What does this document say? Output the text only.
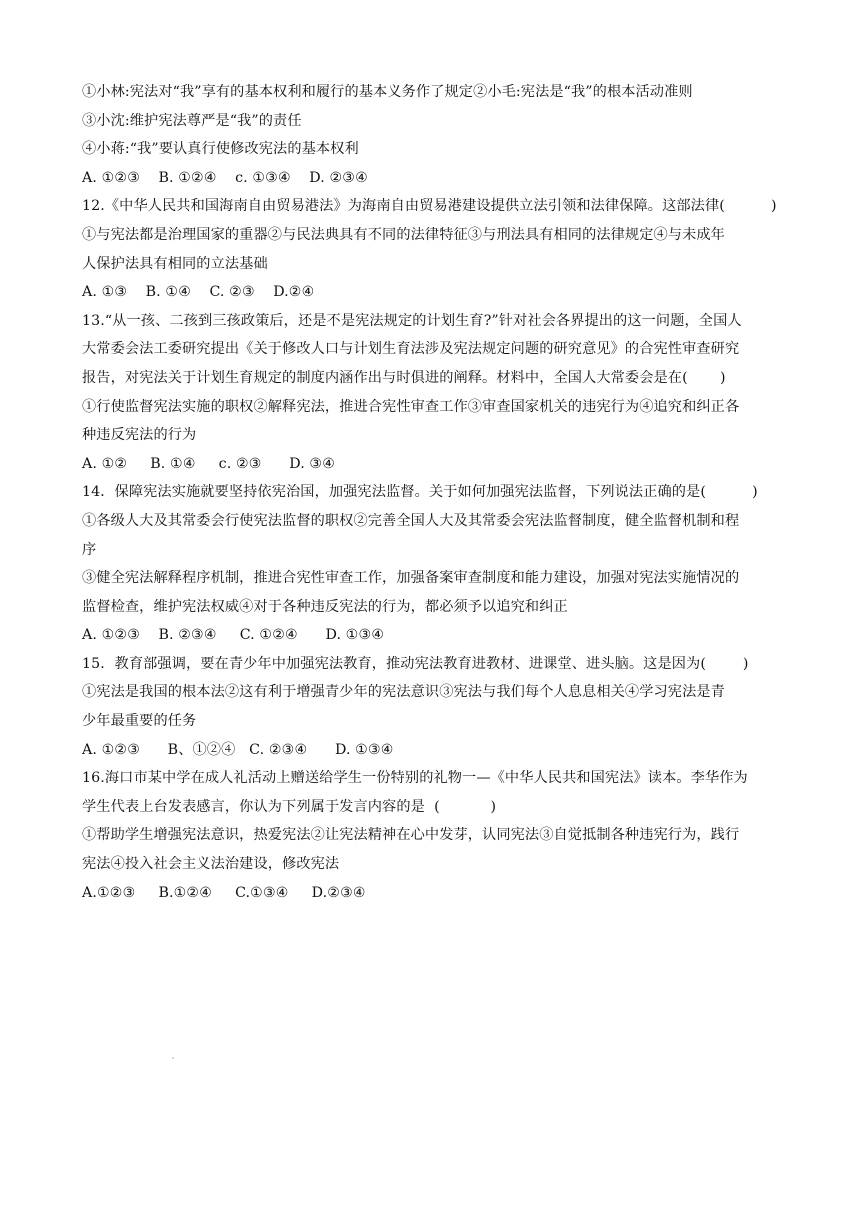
①小林:宪法对“我”享有的基本权利和履行的基本义务作了规定②小毛:宪法是“我”的根本活动准则
③小沈:维护宪法尊严是“我”的责任
④小蒋:“我”要认真行使修改宪法的基本权利
A. ①②③    B. ①②④    c. ①③④    D. ②③④
12.《中华人民共和国海南自由贸易港法》为海南自由贸易港建设提供立法引领和法律保障。这部法律(          )
①与宪法都是治理国家的重器②与民法典具有不同的法律特征③与刑法具有相同的法律规定④与未成年
人保护法具有相同的立法基础
A. ①③    B. ①④    C. ②③    D.②④
13.“从一孩、二孩到三孩政策后，还是不是宪法规定的计划生育?”针对社会各界提出的这一问题，全国人
大常委会法工委研究提出《关于修改人口与计划生育法涉及宪法规定问题的研究意见》的合宪性审查研究
报告，对宪法关于计划生育规定的制度内涵作出与时俱进的阐释。材料中，全国人大常委会是在(       )
①行使监督宪法实施的职权②解释宪法，推进合宪性审查工作③审查国家机关的违宪行为④追究和纠正各
种违反宪法的行为
A. ①②     B. ①④     c. ②③      D. ③④
14．保障宪法实施就要坚持依宪治国，加强宪法监督。关于如何加强宪法监督，下列说法正确的是(          )
①各级人大及其常委会行使宪法监督的职权②完善全国人大及其常委会宪法监督制度，健全监督机制和程
序
③健全宪法解释程序机制，推进合宪性审查工作，加强备案审查制度和能力建设，加强对宪法实施情况的
监督检查，维护宪法权威④对于各种违反宪法的行为，都必须予以追究和纠正
A. ①②③    B. ②③④     C. ①②④      D. ①③④
15．教育部强调，要在青少年中加强宪法教育，推动宪法教育进教材、进课堂、进头脑。这是因为(        )
①宪法是我国的根本法②这有利于增强青少年的宪法意识③宪法与我们每个人息息相关④学习宪法是青
少年最重要的任务
A. ①②③      B、①②④   C. ②③④      D. ①③④
16.海口市某中学在成人礼活动上赠送给学生一份特别的礼物一—《中华人民共和国宪法》读本。李华作为
学生代表上台发表感言，你认为下列属于发言内容的是  (           )
①帮助学生增强宪法意识，热爱宪法②让宪法精神在心中发芽，认同宪法③自觉抵制各种违宪行为，践行
宪法④投入社会主义法治建设，修改宪法
A.①②③     B.①②④     C.①③④     D.②③④
